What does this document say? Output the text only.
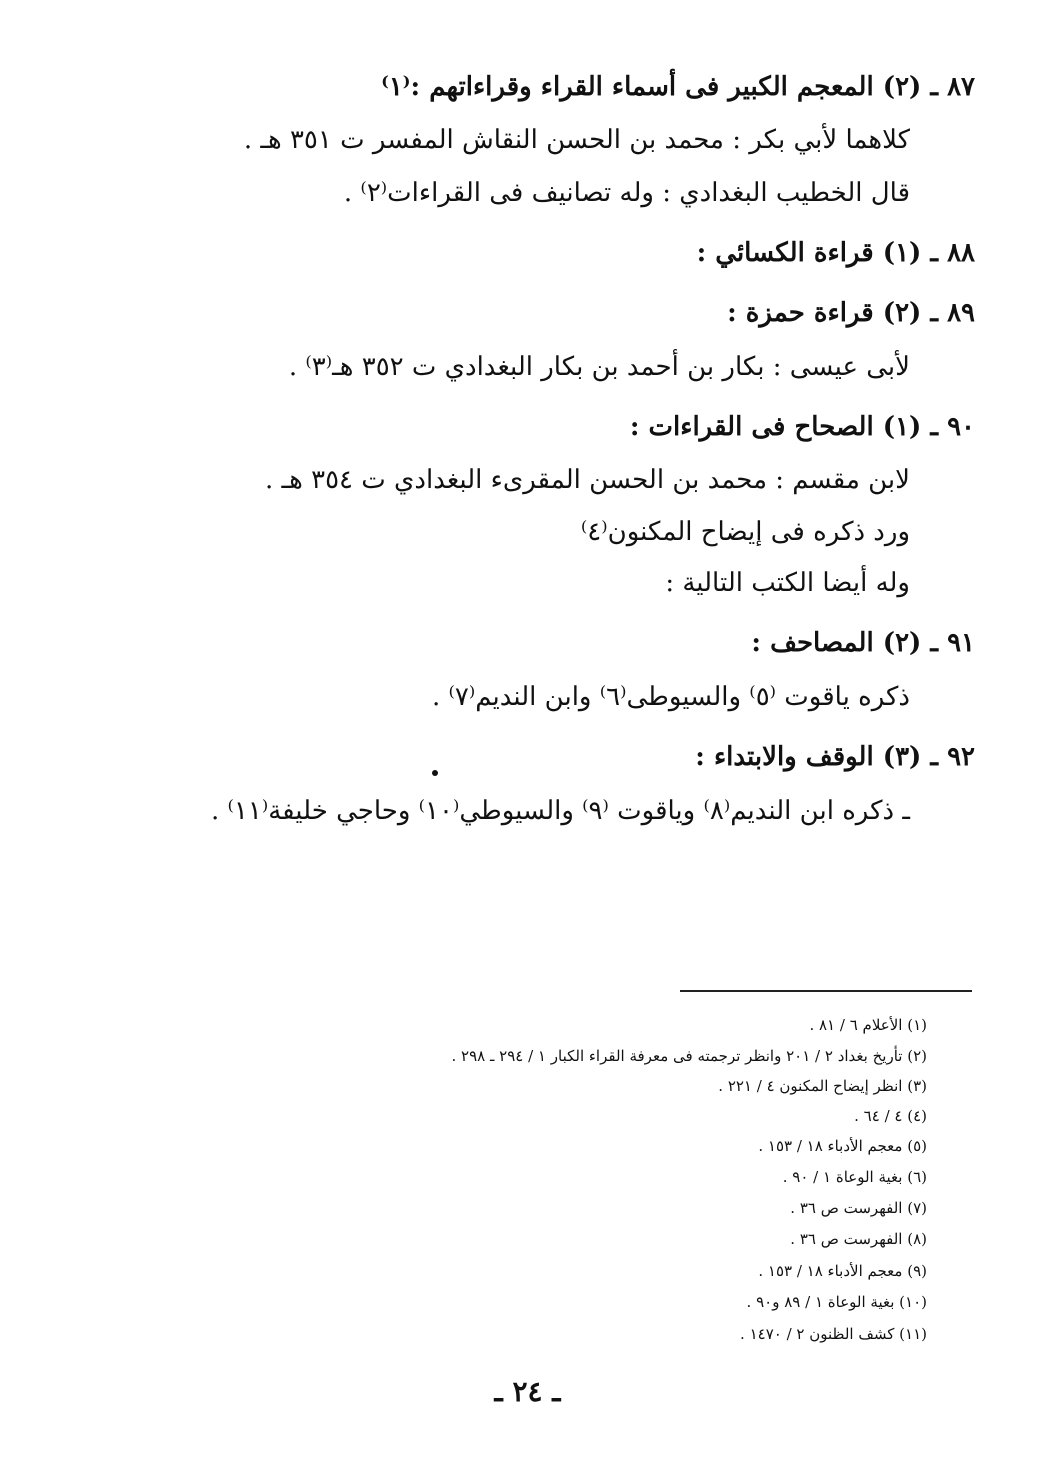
٨٧ ـ (٢) المعجم الكبير فى أسماء القراء وقراءاتهم :⁽١⁾
كلاهما لأبي بكر : محمد بن الحسن النقاش المفسر ت ٣٥١ هـ .
قال الخطيب البغدادي : وله تصانيف فى القراءات⁽٢⁾ .
٨٨ ـ (١) قراءة الكسائي :
٨٩ ـ (٢) قراءة حمزة :
لأبى عيسى : بكار بن أحمد بن بكار البغدادي ت ٣٥٢ هـ⁽٣⁾ .
٩٠ ـ (١) الصحاح فى القراءات :
لابن مقسم : محمد بن الحسن المقرىء البغدادي ت ٣٥٤ هـ .
ورد ذكره فى إيضاح المكنون⁽٤⁾
وله أيضا الكتب التالية :
٩١ ـ (٢) المصاحف :
ذكره ياقوت ⁽٥⁾ والسيوطى⁽٦⁾ وابن النديم⁽٧⁾ .
٩٢ ـ (٣) الوقف والابتداء :
ـ ذكره ابن النديم⁽٨⁾ وياقوت ⁽٩⁾ والسيوطي⁽١٠⁾ وحاجي خليفة⁽١١⁾ .
(١) الأعلام ٦ / ٨١ .
(٢) تأريخ بغداد ٢ / ٢٠١ وانظر ترجمته فى معرفة القراء الكبار ١ / ٢٩٤ ـ ٢٩٨ .
(٣) انظر إيضاح المكنون ٤ / ٢٢١ .
(٤) ٤ / ٦٤ .
(٥) معجم الأدباء ١٨ / ١٥٣ .
(٦) بغية الوعاة ١ / ٩٠ .
(٧) الفهرست ص ٣٦ .
(٨) الفهرست ص ٣٦ .
(٩) معجم الأدباء ١٨ / ١٥٣ .
(١٠) بغية الوعاة ١ / ٨٩ و٩٠ .
(١١) كشف الظنون ٢ / ١٤٧٠ .
ـ ٢٤ ـ
